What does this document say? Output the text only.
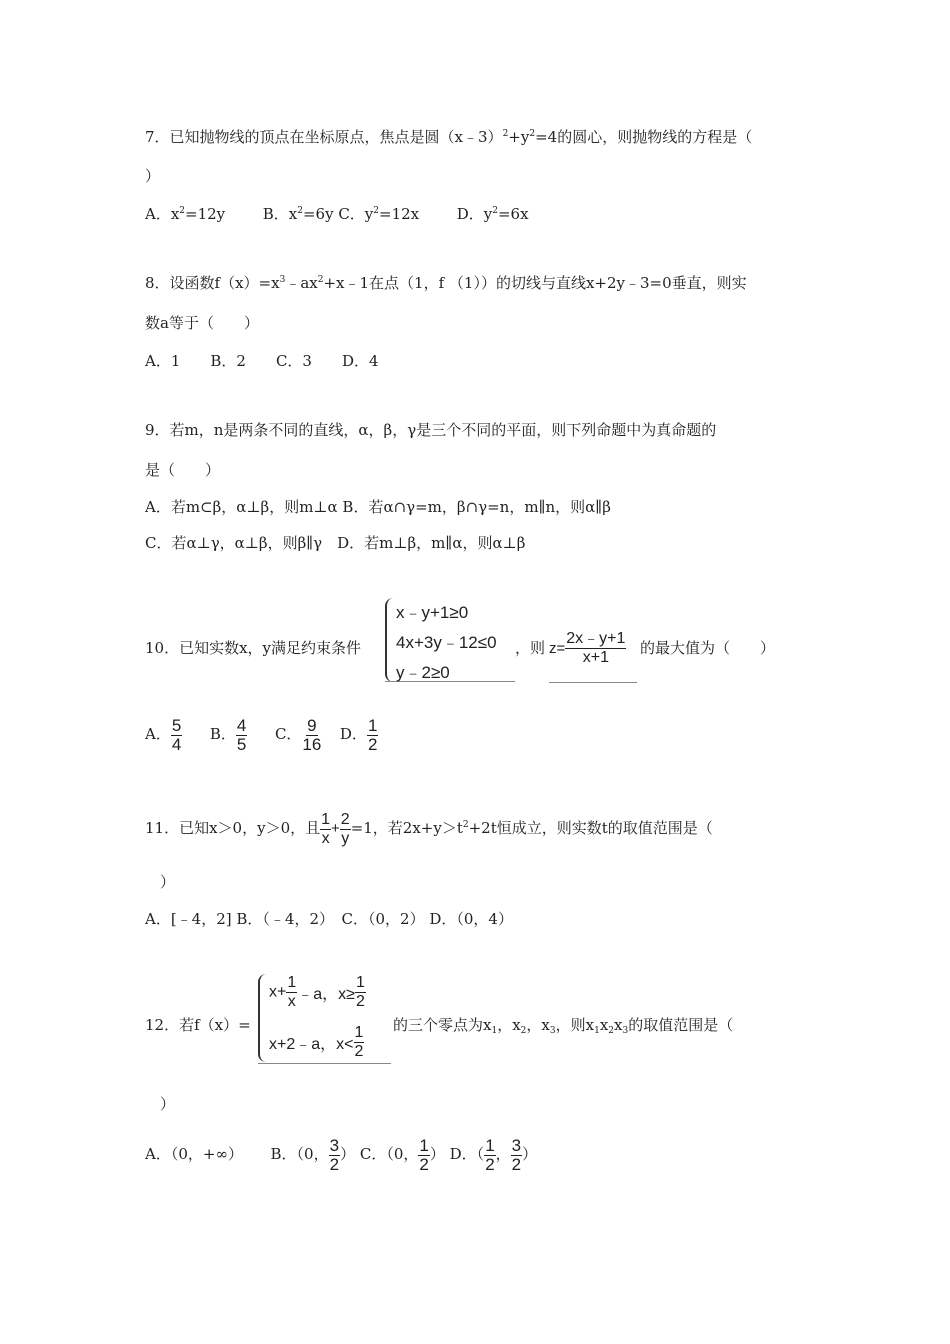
7．已知抛物线的顶点在坐标原点，焦点是圆$(x﹣3)^2+y^2=4$的圆心，则抛物线的方程是（
）
A．$x^2=12y$	B．$x^2=6y$ C．$y^2=12x$	D．$y^2=6x$
8．设函数$f(x)=x^3﹣ax^2+x﹣1$在点（1，f （1））的切线与直线x+2y﹣3=0垂直，则实
数a等于（　　）
A．1　　B．2　　C．3　　D．4
9．若m，n是两条不同的直线，α，β，γ是三个不同的平面，则下列命题中为真命题的
是（　　）
A．若m⊂β，α⊥β，则m⊥α B．若α∩γ=m，β∩γ=n，m∥n，则α∥β
C．若α⊥γ，α⊥β，则β∥γ　D．若m⊥β，m∥α，则α⊥β
10．已知实数x，y满足约束条件
x﹣y+1≥0
4x+3y﹣12≤0
y﹣2≥0
，则 $z= \frac{2x﹣y+1}{x+1}$ 的最大值为（　　）
A． $\frac{5}{4}$ B． $\frac{4}{5}$ C． $\frac{9}{16}$ D． $\frac{1}{2}$
11．已知x＞0，y＞0，且 $\frac{1}{x} + \frac{2}{y} =1$，若$2x+y>t^2+2t$恒成立，则实数t的取值范围是（
）
A．[﹣4，2] B．（﹣4，2）　C．（0，2） D．（0，4）
12．若f（x）=
$x+ \frac{1}{x}$ ﹣a，$x\ge \frac{1}{2}$
x+2﹣a，$x< \frac{1}{2}$ 的三个零点为$x_1$，$x_2$，$x_3$，则$x_1x_2x_3$的取值范围是（
）
A．（0，+∞） B．（0， $\frac{3}{2}$ ） C．（0， $\frac{1}{2}$ ） D．（ $\frac{1}{2}$ ， $\frac{3}{2}$ ）
